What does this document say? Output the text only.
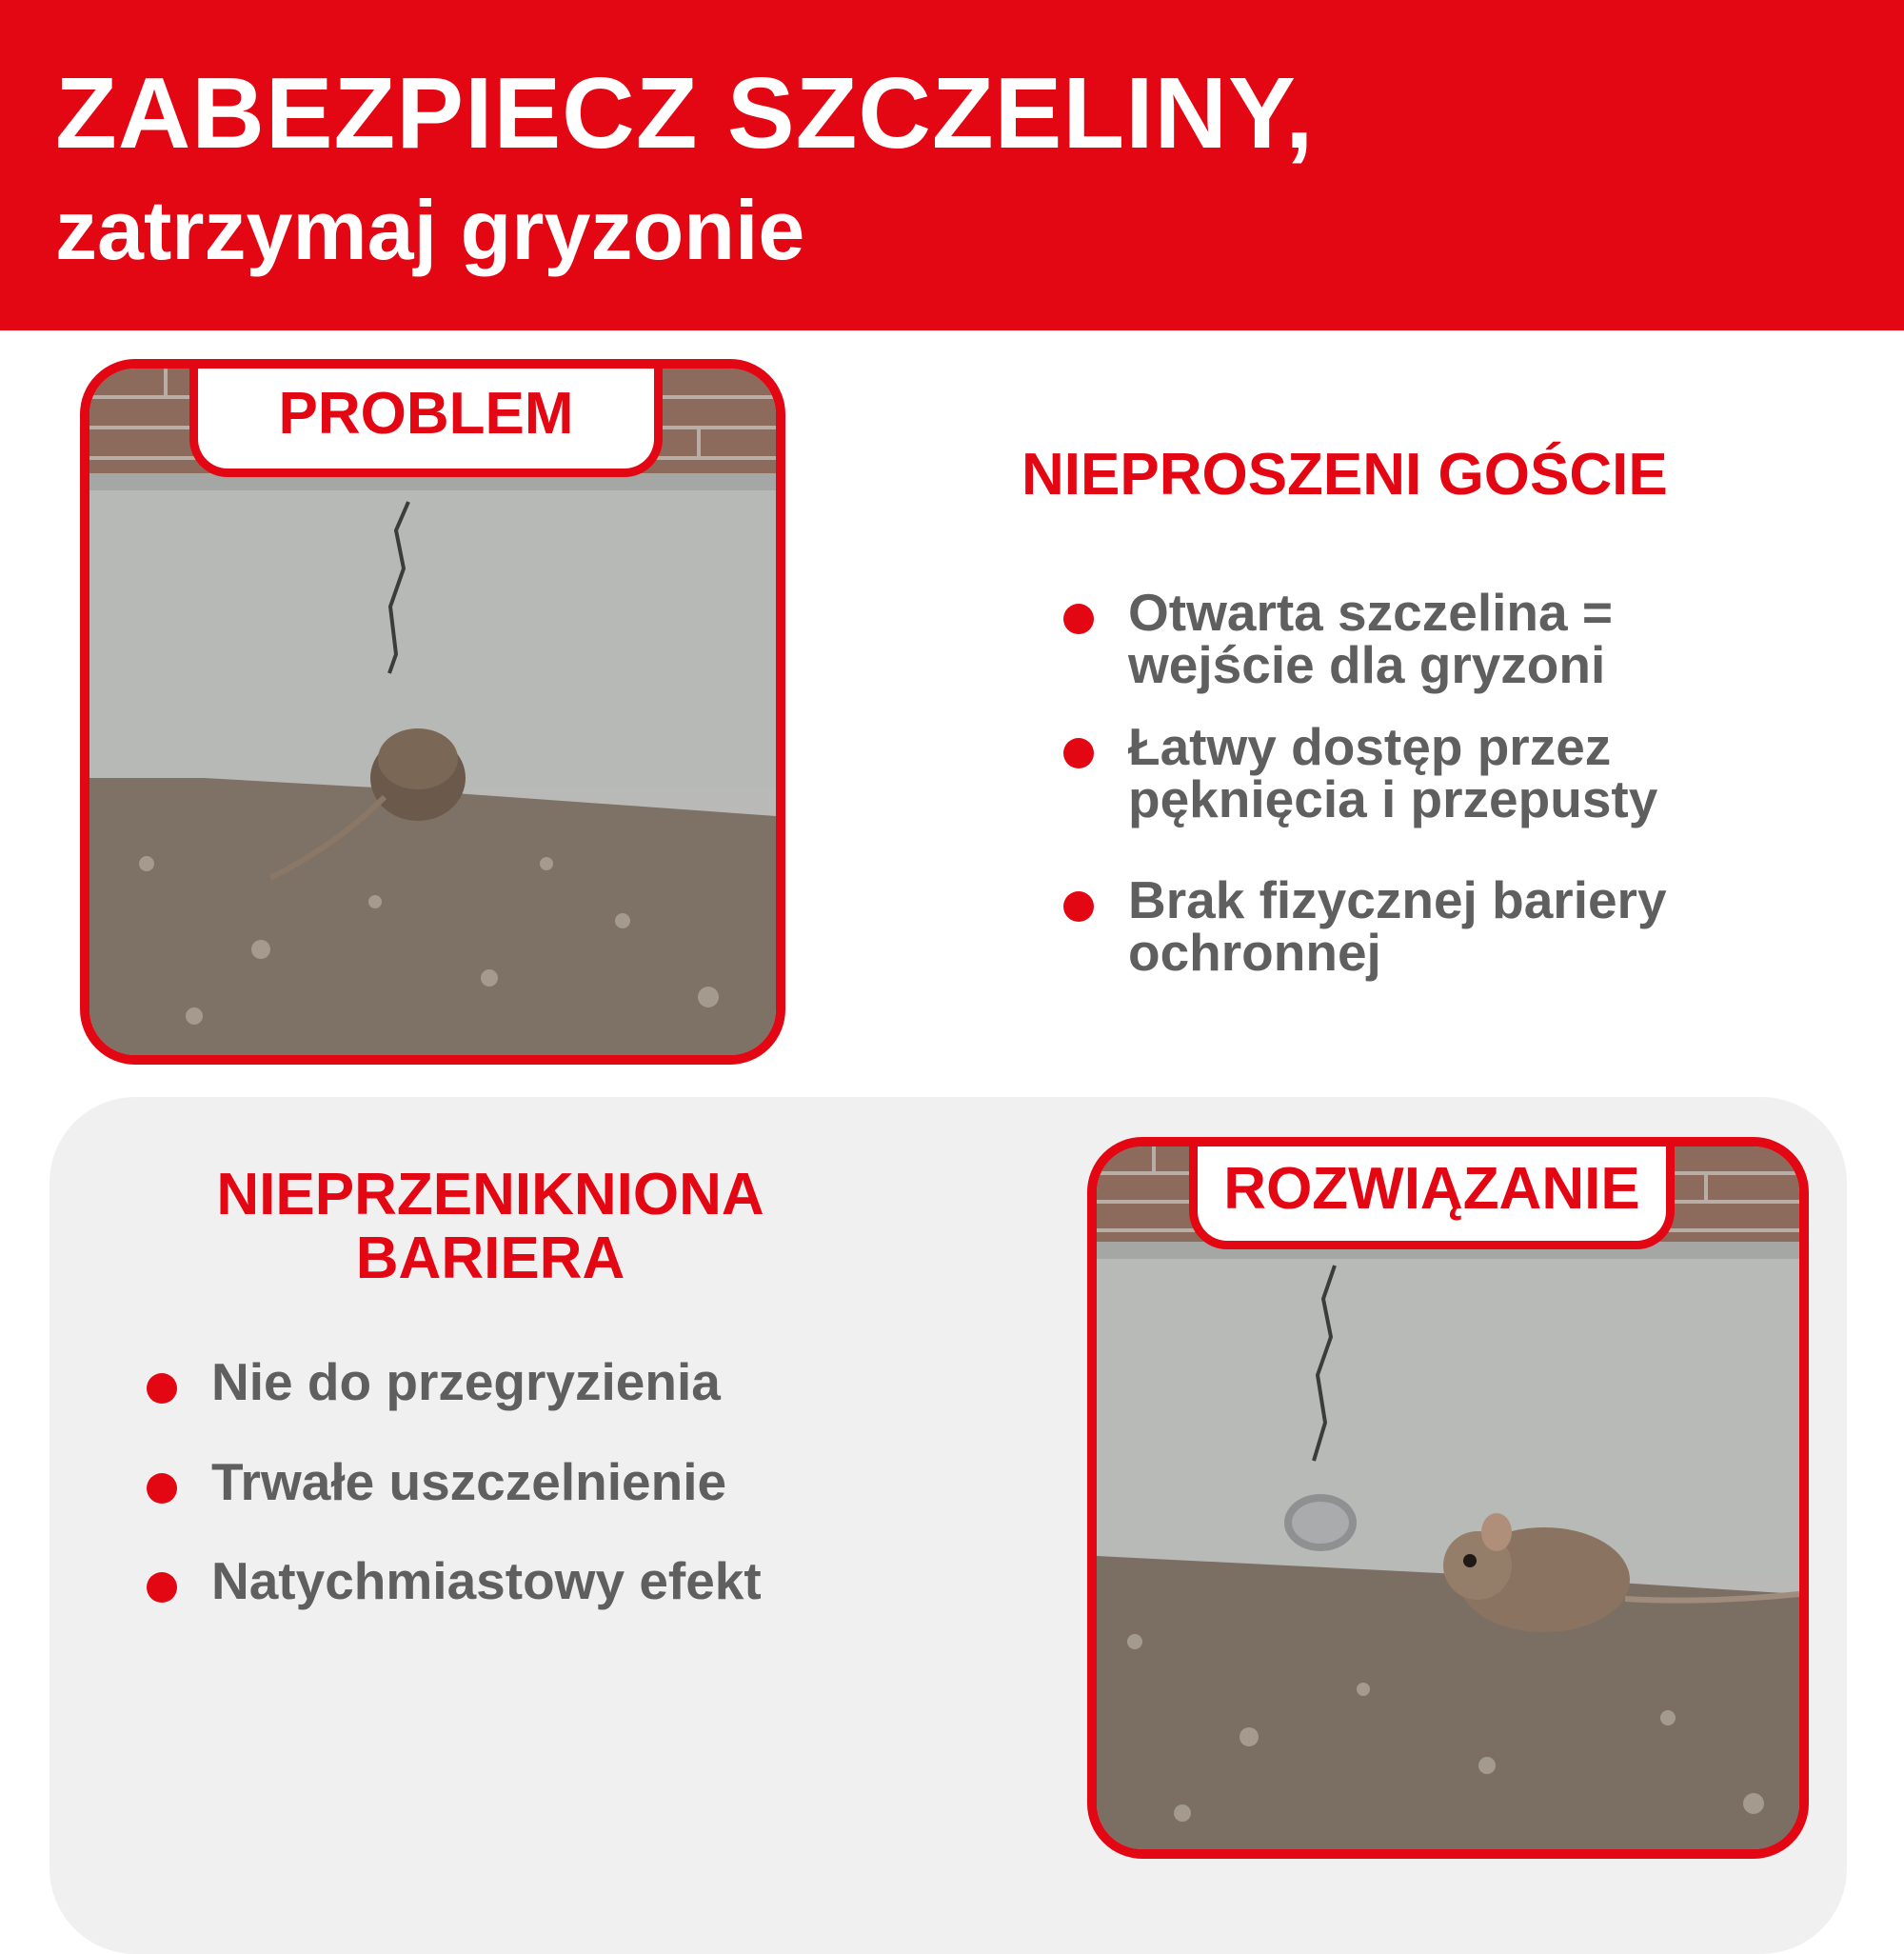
ZABEZPIECZ SZCZELINY,
zatrzymaj gryzonie
PROBLEM
NIEPROSZENI GOŚCIE
Otwarta szczelina =
wejście dla gryzoni
Łatwy dostęp przez
pęknięcia i przepusty
Brak fizycznej bariery
ochronnej
NIEPRZENIKNIONA
BARIERA
Nie do przegryzienia
Trwałe uszczelnienie
Natychmiastowy efekt
ROZWIĄZANIE
